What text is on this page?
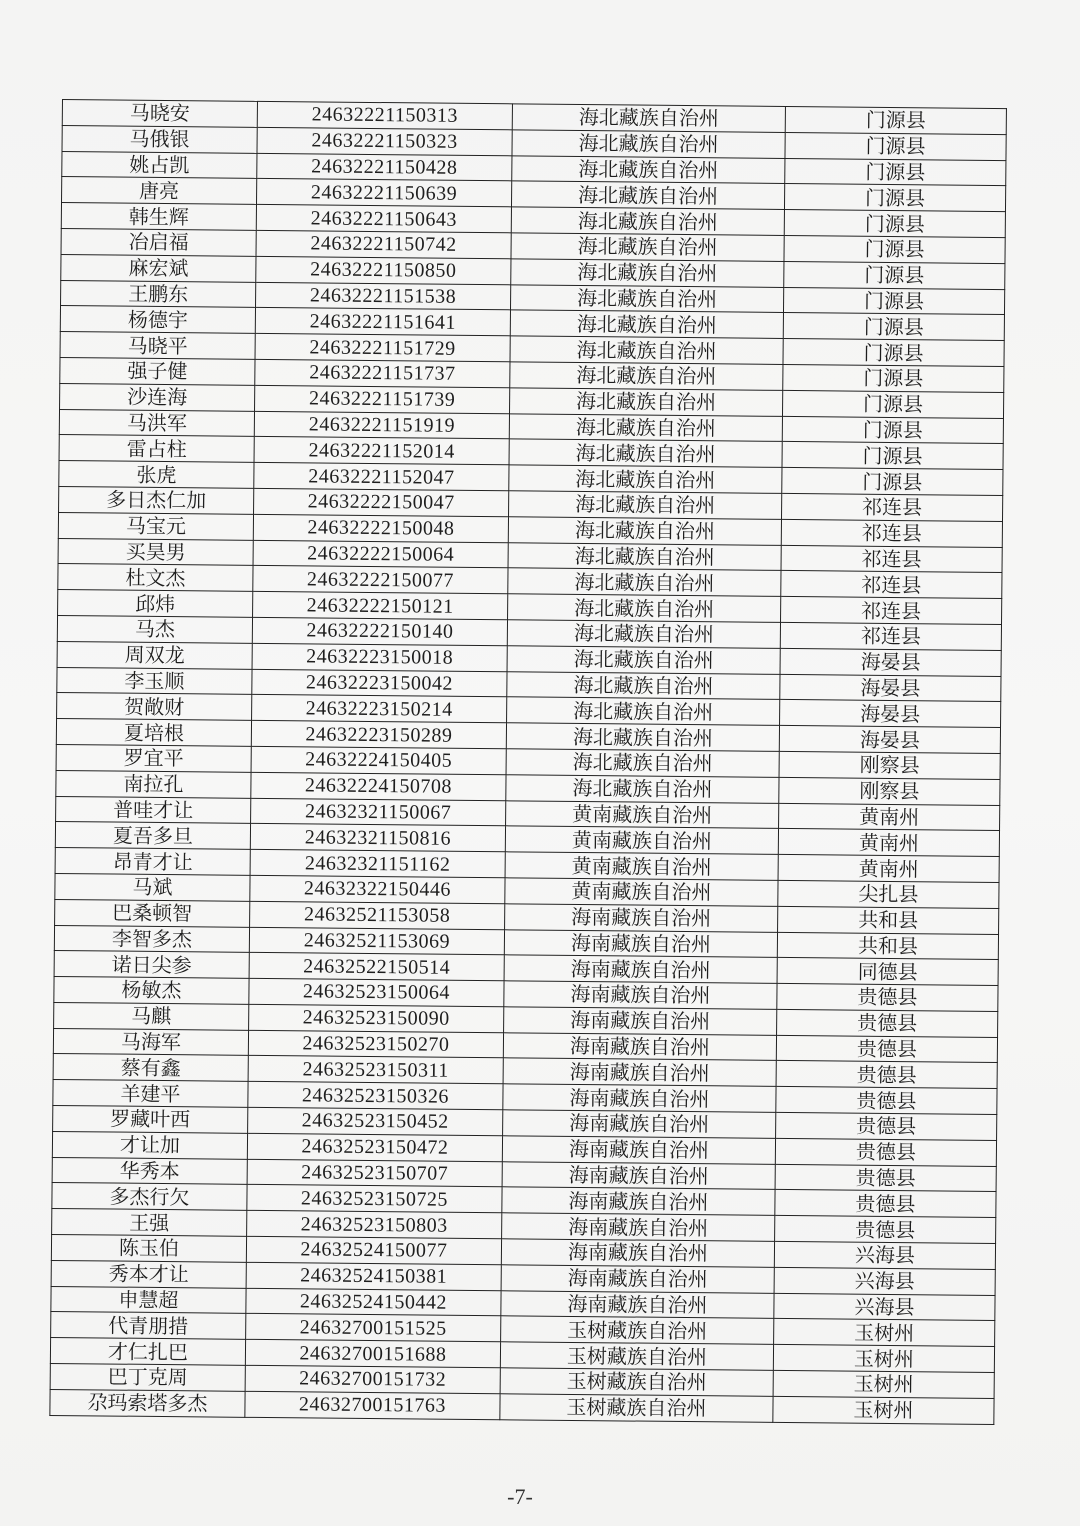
马晓安	24632221150313	海北藏族自治州	门源县
马俄银	24632221150323	海北藏族自治州	门源县
姚占凯	24632221150428	海北藏族自治州	门源县
唐亮	24632221150639	海北藏族自治州	门源县
韩生辉	24632221150643	海北藏族自治州	门源县
冶启福	24632221150742	海北藏族自治州	门源县
麻宏斌	24632221150850	海北藏族自治州	门源县
王鹏东	24632221151538	海北藏族自治州	门源县
杨德宇	24632221151641	海北藏族自治州	门源县
马晓平	24632221151729	海北藏族自治州	门源县
强子健	24632221151737	海北藏族自治州	门源县
沙连海	24632221151739	海北藏族自治州	门源县
马洪军	24632221151919	海北藏族自治州	门源县
雷占柱	24632221152014	海北藏族自治州	门源县
张虎	24632221152047	海北藏族自治州	门源县
多日杰仁加	24632222150047	海北藏族自治州	祁连县
马宝元	24632222150048	海北藏族自治州	祁连县
买昊男	24632222150064	海北藏族自治州	祁连县
杜文杰	24632222150077	海北藏族自治州	祁连县
邱炜	24632222150121	海北藏族自治州	祁连县
马杰	24632222150140	海北藏族自治州	祁连县
周双龙	24632223150018	海北藏族自治州	海晏县
李玉顺	24632223150042	海北藏族自治州	海晏县
贺敞财	24632223150214	海北藏族自治州	海晏县
夏培根	24632223150289	海北藏族自治州	海晏县
罗宜平	24632224150405	海北藏族自治州	刚察县
南拉孔	24632224150708	海北藏族自治州	刚察县
普哇才让	24632321150067	黄南藏族自治州	黄南州
夏吾多旦	24632321150816	黄南藏族自治州	黄南州
昂青才让	24632321151162	黄南藏族自治州	黄南州
马斌	24632322150446	黄南藏族自治州	尖扎县
巴桑顿智	24632521153058	海南藏族自治州	共和县
李智多杰	24632521153069	海南藏族自治州	共和县
诺日尖参	24632522150514	海南藏族自治州	同德县
杨敏杰	24632523150064	海南藏族自治州	贵德县
马麒	24632523150090	海南藏族自治州	贵德县
马海军	24632523150270	海南藏族自治州	贵德县
蔡有鑫	24632523150311	海南藏族自治州	贵德县
羊建平	24632523150326	海南藏族自治州	贵德县
罗藏叶西	24632523150452	海南藏族自治州	贵德县
才让加	24632523150472	海南藏族自治州	贵德县
华秀本	24632523150707	海南藏族自治州	贵德县
多杰行欠	24632523150725	海南藏族自治州	贵德县
王强	24632523150803	海南藏族自治州	贵德县
陈玉伯	24632524150077	海南藏族自治州	兴海县
秀本才让	24632524150381	海南藏族自治州	兴海县
申慧超	24632524150442	海南藏族自治州	兴海县
代青朋措	24632700151525	玉树藏族自治州	玉树州
才仁扎巴	24632700151688	玉树藏族自治州	玉树州
巴丁克周	24632700151732	玉树藏族自治州	玉树州
尕玛索塔多杰	24632700151763	玉树藏族自治州	玉树州
-7-
